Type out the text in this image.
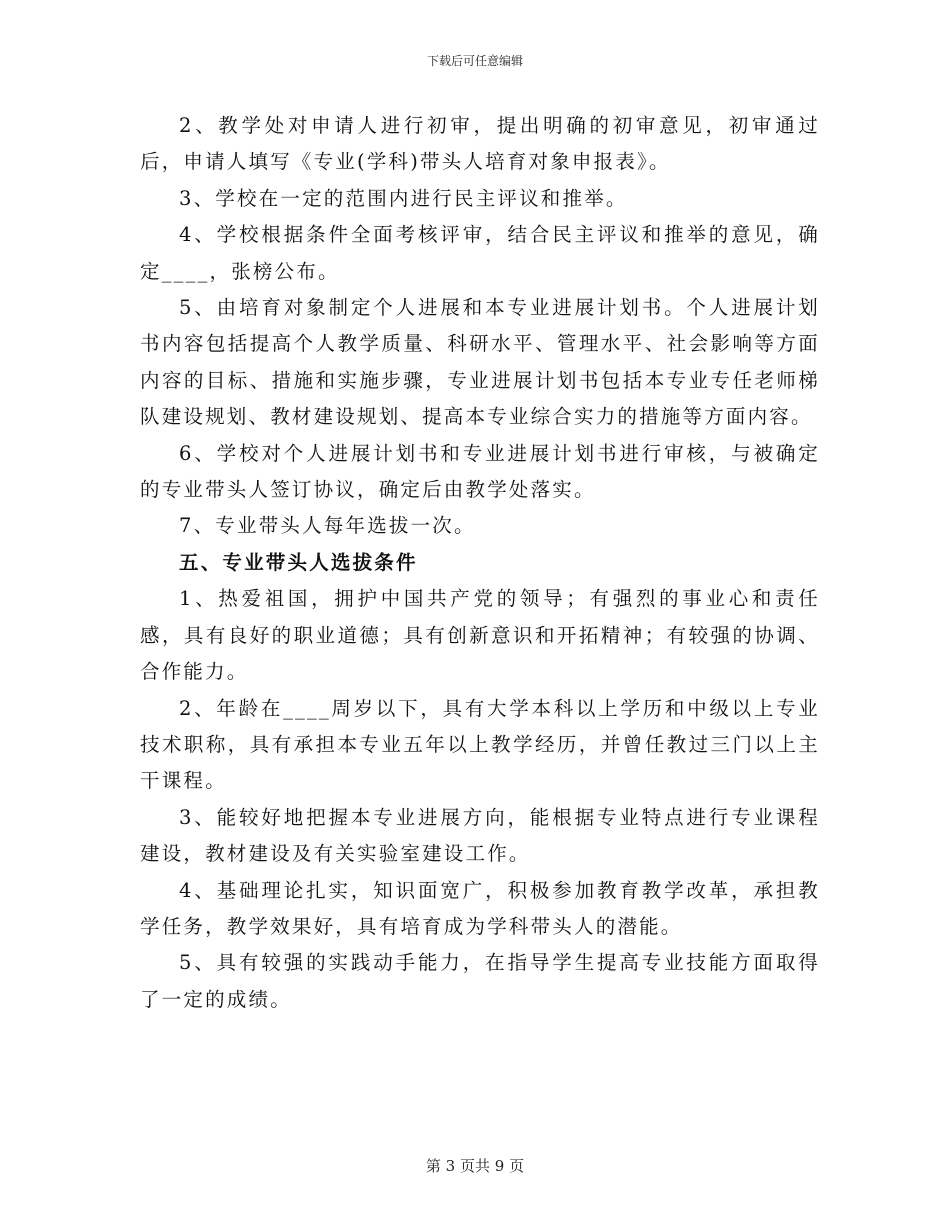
下载后可任意编辑

2、教学处对申请人进行初审，提出明确的初审意见，初审通过后，申请人填写《专业(学科)带头人培育对象申报表》。

3、学校在一定的范围内进行民主评议和推举。

4、学校根据条件全面考核评审，结合民主评议和推举的意见，确定____，张榜公布。

5、由培育对象制定个人进展和本专业进展计划书。个人进展计划书内容包括提高个人教学质量、科研水平、管理水平、社会影响等方面内容的目标、措施和实施步骤，专业进展计划书包括本专业专任老师梯队建设规划、教材建设规划、提高本专业综合实力的措施等方面内容。

6、学校对个人进展计划书和专业进展计划书进行审核，与被确定的专业带头人签订协议，确定后由教学处落实。

7、专业带头人每年选拔一次。

五、专业带头人选拔条件

1、热爱祖国，拥护中国共产党的领导；有强烈的事业心和责任感，具有良好的职业道德；具有创新意识和开拓精神；有较强的协调、合作能力。

2、年龄在____周岁以下，具有大学本科以上学历和中级以上专业技术职称，具有承担本专业五年以上教学经历，并曾任教过三门以上主干课程。

3、能较好地把握本专业进展方向，能根据专业特点进行专业课程建设，教材建设及有关实验室建设工作。

4、基础理论扎实，知识面宽广，积极参加教育教学改革，承担教学任务，教学效果好，具有培育成为学科带头人的潜能。

5、具有较强的实践动手能力，在指导学生提高专业技能方面取得了一定的成绩。

第 3 页共 9 页
